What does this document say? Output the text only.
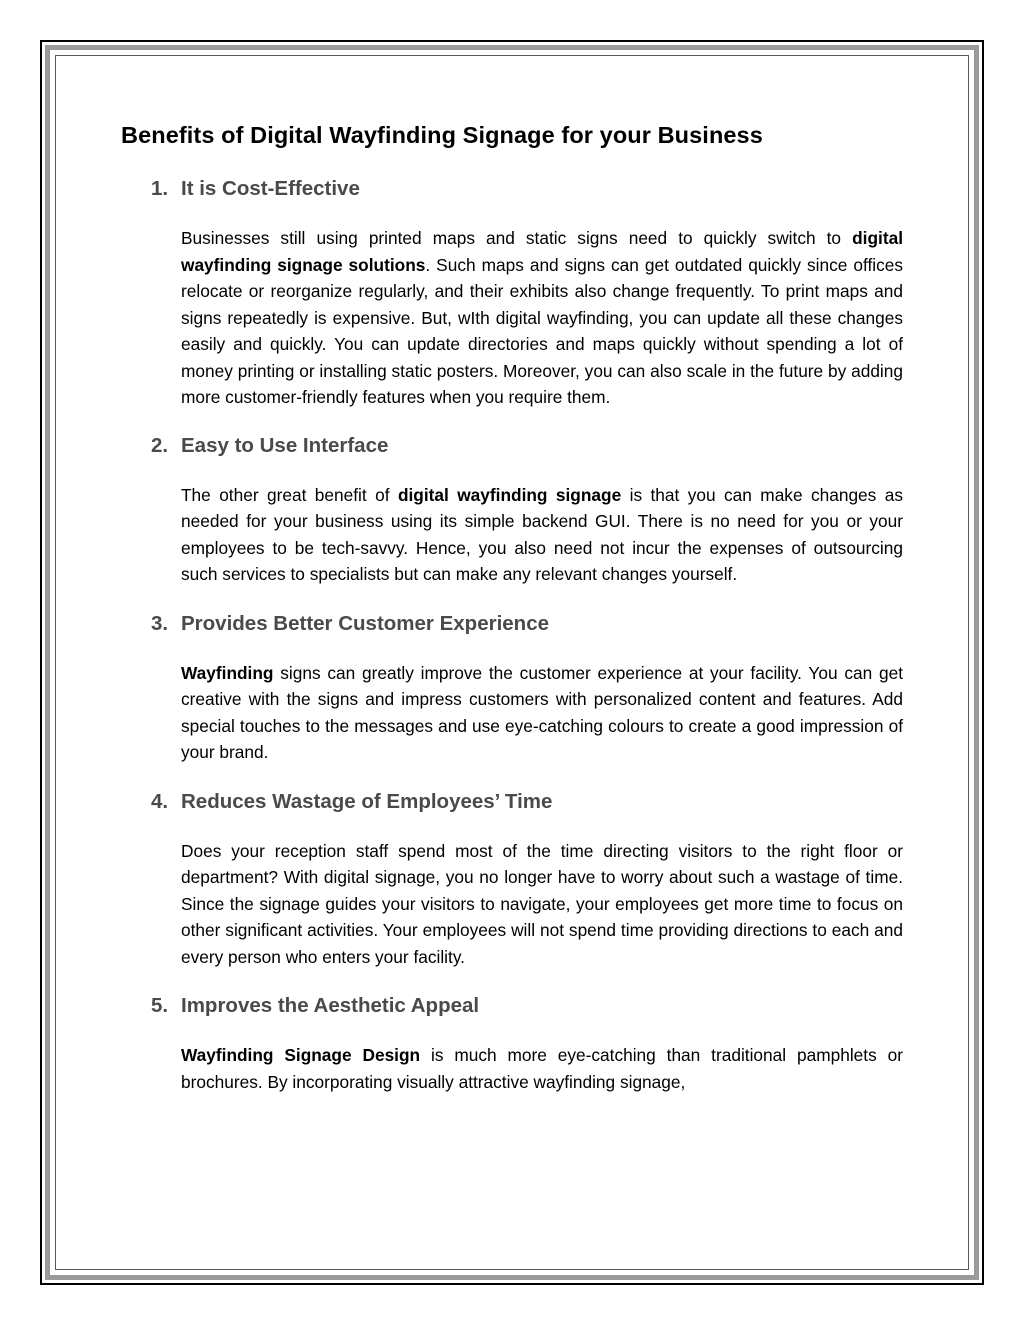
Benefits of Digital Wayfinding Signage for your Business
1. It is Cost-Effective

Businesses still using printed maps and static signs need to quickly switch to digital wayfinding signage solutions. Such maps and signs can get outdated quickly since offices relocate or reorganize regularly, and their exhibits also change frequently. To print maps and signs repeatedly is expensive. But, wIth digital wayfinding, you can update all these changes easily and quickly. You can update directories and maps quickly without spending a lot of money printing or installing static posters. Moreover, you can also scale in the future by adding more customer-friendly features when you require them.

2. Easy to Use Interface

The other great benefit of digital wayfinding signage is that you can make changes as needed for your business using its simple backend GUI. There is no need for you or your employees to be tech-savvy. Hence, you also need not incur the expenses of outsourcing such services to specialists but can make any relevant changes yourself.

3. Provides Better Customer Experience

Wayfinding signs can greatly improve the customer experience at your facility. You can get creative with the signs and impress customers with personalized content and features. Add special touches to the messages and use eye-catching colours to create a good impression of your brand.

4. Reduces Wastage of Employees’ Time

Does your reception staff spend most of the time directing visitors to the right floor or department? With digital signage, you no longer have to worry about such a wastage of time. Since the signage guides your visitors to navigate, your employees get more time to focus on other significant activities. Your employees will not spend time providing directions to each and every person who enters your facility.

5. Improves the Aesthetic Appeal

Wayfinding Signage Design is much more eye-catching than traditional pamphlets or brochures. By incorporating visually attractive wayfinding signage,
